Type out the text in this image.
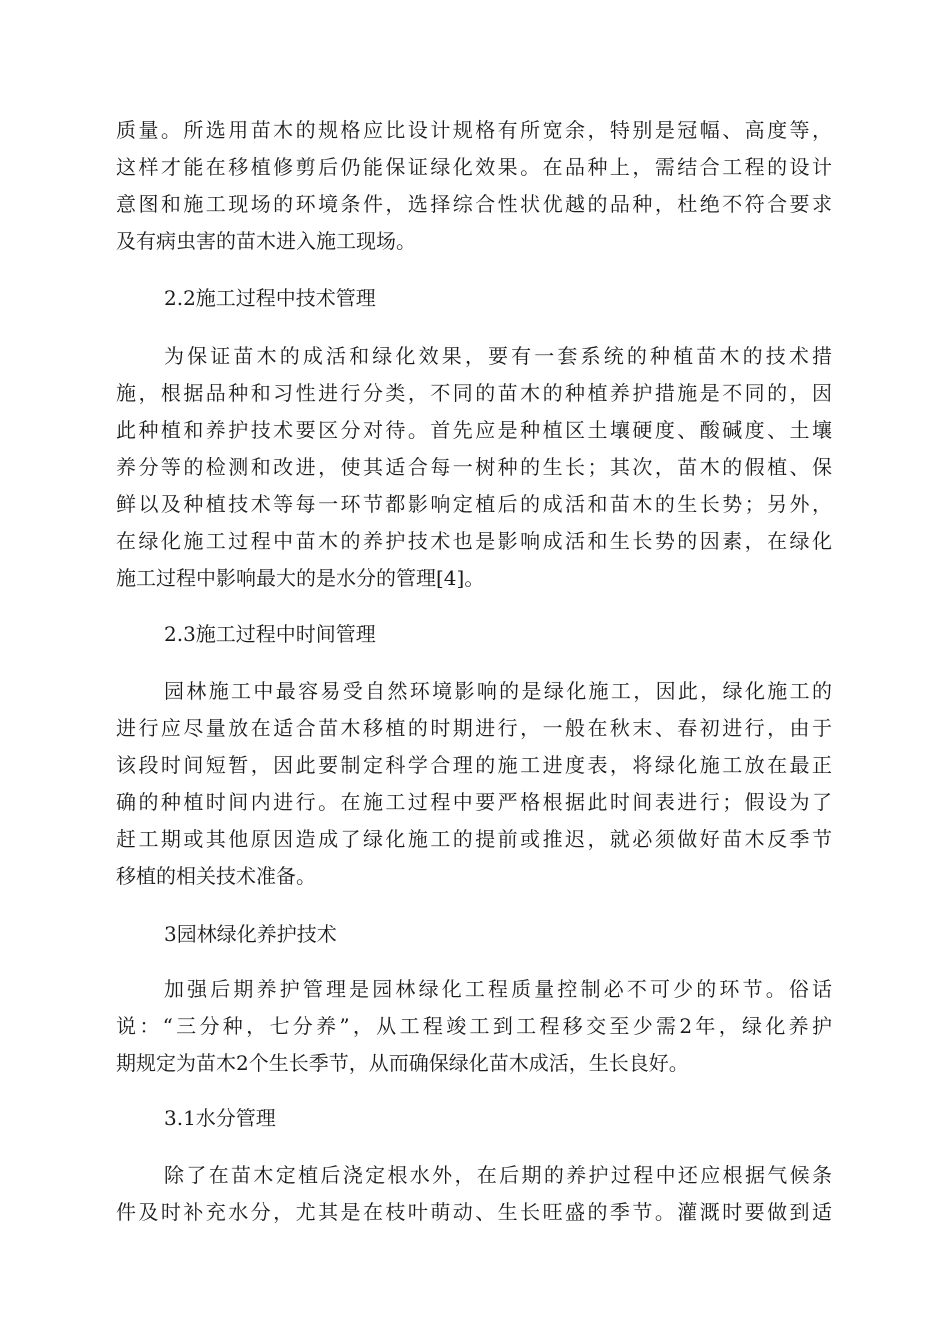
质量。所选用苗木的规格应比设计规格有所宽余，特别是冠幅、高度等，
这样才能在移植修剪后仍能保证绿化效果。在品种上，需结合工程的设计
意图和施工现场的环境条件，选择综合性状优越的品种，杜绝不符合要求
及有病虫害的苗木进入施工现场。
2.2施工过程中技术管理
为保证苗木的成活和绿化效果，要有一套系统的种植苗木的技术措
施，根据品种和习性进行分类，不同的苗木的种植养护措施是不同的，因
此种植和养护技术要区分对待。首先应是种植区土壤硬度、酸碱度、土壤
养分等的检测和改进，使其适合每一树种的生长；其次，苗木的假植、保
鲜以及种植技术等每一环节都影响定植后的成活和苗木的生长势；另外，
在绿化施工过程中苗木的养护技术也是影响成活和生长势的因素，在绿化
施工过程中影响最大的是水分的管理[4]。
2.3施工过程中时间管理
园林施工中最容易受自然环境影响的是绿化施工，因此，绿化施工的
进行应尽量放在适合苗木移植的时期进行，一般在秋末、春初进行，由于
该段时间短暂，因此要制定科学合理的施工进度表，将绿化施工放在最正
确的种植时间内进行。在施工过程中要严格根据此时间表进行；假设为了
赶工期或其他原因造成了绿化施工的提前或推迟，就必须做好苗木反季节
移植的相关技术准备。
3园林绿化养护技术
加强后期养护管理是园林绿化工程质量控制必不可少的环节。俗话
说：“三分种，七分养”，从工程竣工到工程移交至少需2年，绿化养护
期规定为苗木2个生长季节，从而确保绿化苗木成活，生长良好。
3.1水分管理
除了在苗木定植后浇定根水外，在后期的养护过程中还应根据气候条
件及时补充水分，尤其是在枝叶萌动、生长旺盛的季节。灌溉时要做到适
